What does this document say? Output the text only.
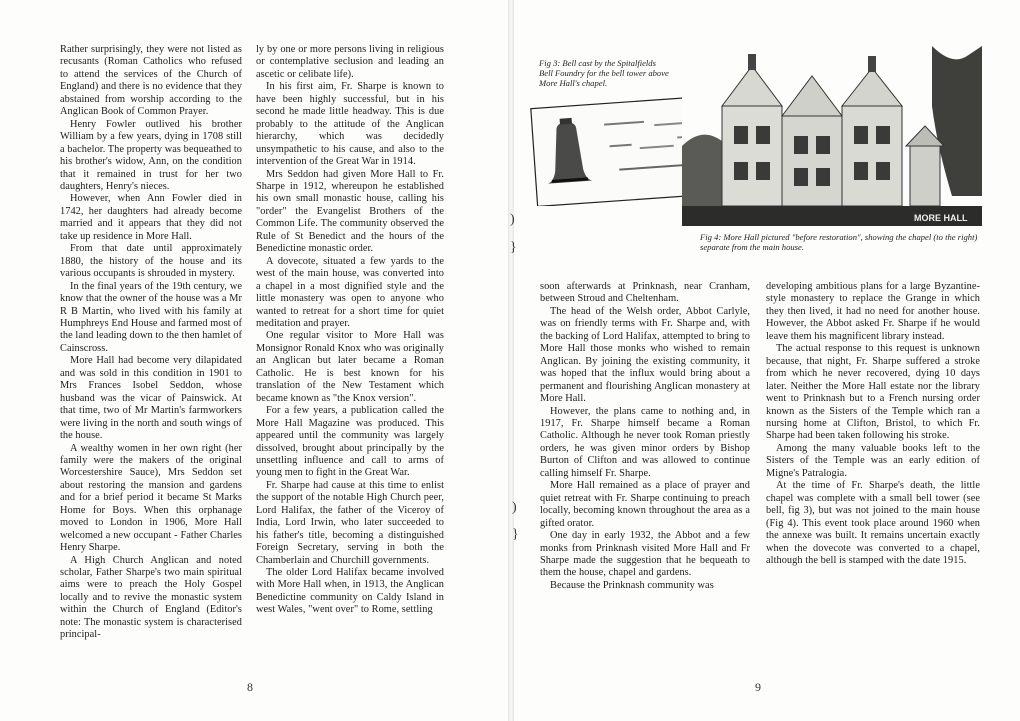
Rather surprisingly, they were not listed as recusants (Roman Catholics who refused to attend the services of the Church of England) and there is no evidence that they abstained from worship according to the Anglican Book of Common Prayer.

Henry Fowler outlived his brother William by a few years, dying in 1708 still a bachelor. The property was bequeathed to his brother's widow, Ann, on the condition that it remained in trust for her two daughters, Henry's nieces.

However, when Ann Fowler died in 1742, her daughters had already become married and it appears that they did not take up residence in More Hall.

From that date until approximately 1880, the history of the house and its various occupants is shrouded in mystery.

In the final years of the 19th century, we know that the owner of the house was a Mr R B Martin, who lived with his family at Humphreys End House and farmed most of the land leading down to the then hamlet of Cainscross.

More Hall had become very dilapidated and was sold in this condition in 1901 to Mrs Frances Isobel Seddon, whose husband was the vicar of Painswick. At that time, two of Mr Martin's farmworkers were living in the north and south wings of the house.

A wealthy women in her own right (her family were the makers of the original Worcestershire Sauce), Mrs Seddon set about restoring the mansion and gardens and for a brief period it became St Marks Home for Boys. When this orphanage moved to London in 1906, More Hall welcomed a new occupant - Father Charles Henry Sharpe.

A High Church Anglican and noted scholar, Father Sharpe's two main spiritual aims were to preach the Holy Gospel locally and to revive the monastic system within the Church of England (Editor's note: The monastic system is characterised principal-

ly by one or more persons living in religious or contemplative seclusion and leading an ascetic or celibate life).

In his first aim, Fr. Sharpe is known to have been highly successful, but in his second he made little headway. This is due probably to the attitude of the Anglican hierarchy, which was decidedly unsympathetic to his cause, and also to the intervention of the Great War in 1914.

Mrs Seddon had given More Hall to Fr. Sharpe in 1912, whereupon he established his own small monastic house, calling his "order" the Evangelist Brothers of the Common Life. The community observed the Rule of St Benedict and the hours of the Benedictine monastic order.

A dovecote, situated a few yards to the west of the main house, was converted into a chapel in a most dignified style and the little monastery was open to anyone who wanted to retreat for a short time for quiet meditation and prayer.

One regular visitor to More Hall was Monsignor Ronald Knox who was originally an Anglican but later became a Roman Catholic. He is best known for his translation of the New Testament which became known as "the Knox version".

For a few years, a publication called the More Hall Magazine was produced. This appeared until the community was largely dissolved, brought about principally by the unsettling influence and call to arms of young men to fight in the Great War.

Fr. Sharpe had cause at this time to enlist the support of the notable High Church peer, Lord Halifax, the father of the Viceroy of India, Lord Irwin, who later succeeded to his father's title, becoming a distinguished Foreign Secretary, serving in both the Chamberlain and Churchill governments.

The older Lord Halifax became involved with More Hall when, in 1913, the Anglican Benedictine community on Caldy Island in west Wales, "went over" to Rome, settling

8
Fig 3: Bell cast by the Spitalfields Bell Foundry for the bell tower above More Hall's chapel.
MORE HALL
Fig 4: More Hall pictured "before restoration", showing the chapel (to the right) separate from the main house.
)
}
)
}

soon afterwards at Prinknash, near Cranham, between Stroud and Cheltenham.

The head of the Welsh order, Abbot Carlyle, was on friendly terms with Fr. Sharpe and, with the backing of Lord Halifax, attempted to bring to More Hall those monks who wished to remain Anglican. By joining the existing community, it was hoped that the influx would bring about a permanent and flourishing Anglican monastery at More Hall.

However, the plans came to nothing and, in 1917, Fr. Sharpe himself became a Roman Catholic. Although he never took Roman priestly orders, he was given minor orders by Bishop Burton of Clifton and was allowed to continue calling himself Fr. Sharpe.

More Hall remained as a place of prayer and quiet retreat with Fr. Sharpe continuing to preach locally, becoming known throughout the area as a gifted orator.

One day in early 1932, the Abbot and a few monks from Prinknash visited More Hall and Fr Sharpe made the suggestion that he bequeath to them the house, chapel and gardens.

Because the Prinknash community was

developing ambitious plans for a large Byzantine-style monastery to replace the Grange in which they then lived, it had no need for another house. However, the Abbot asked Fr. Sharpe if he would leave them his magnificent library instead.

The actual response to this request is unknown because, that night, Fr. Sharpe suffered a stroke from which he never recovered, dying 10 days later. Neither the More Hall estate nor the library went to Prinknash but to a French nursing order known as the Sisters of the Temple which ran a nursing home at Clifton, Bristol, to which Fr. Sharpe had been taken following his stroke.

Among the many valuable books left to the Sisters of the Temple was an early edition of Migne's Patralogia.

At the time of Fr. Sharpe's death, the little chapel was complete with a small bell tower (see bell, fig 3), but was not joined to the main house (Fig 4). This event took place around 1960 when the annexe was built. It remains uncertain exactly when the dovecote was converted to a chapel, although the bell is stamped with the date 1915.

9
